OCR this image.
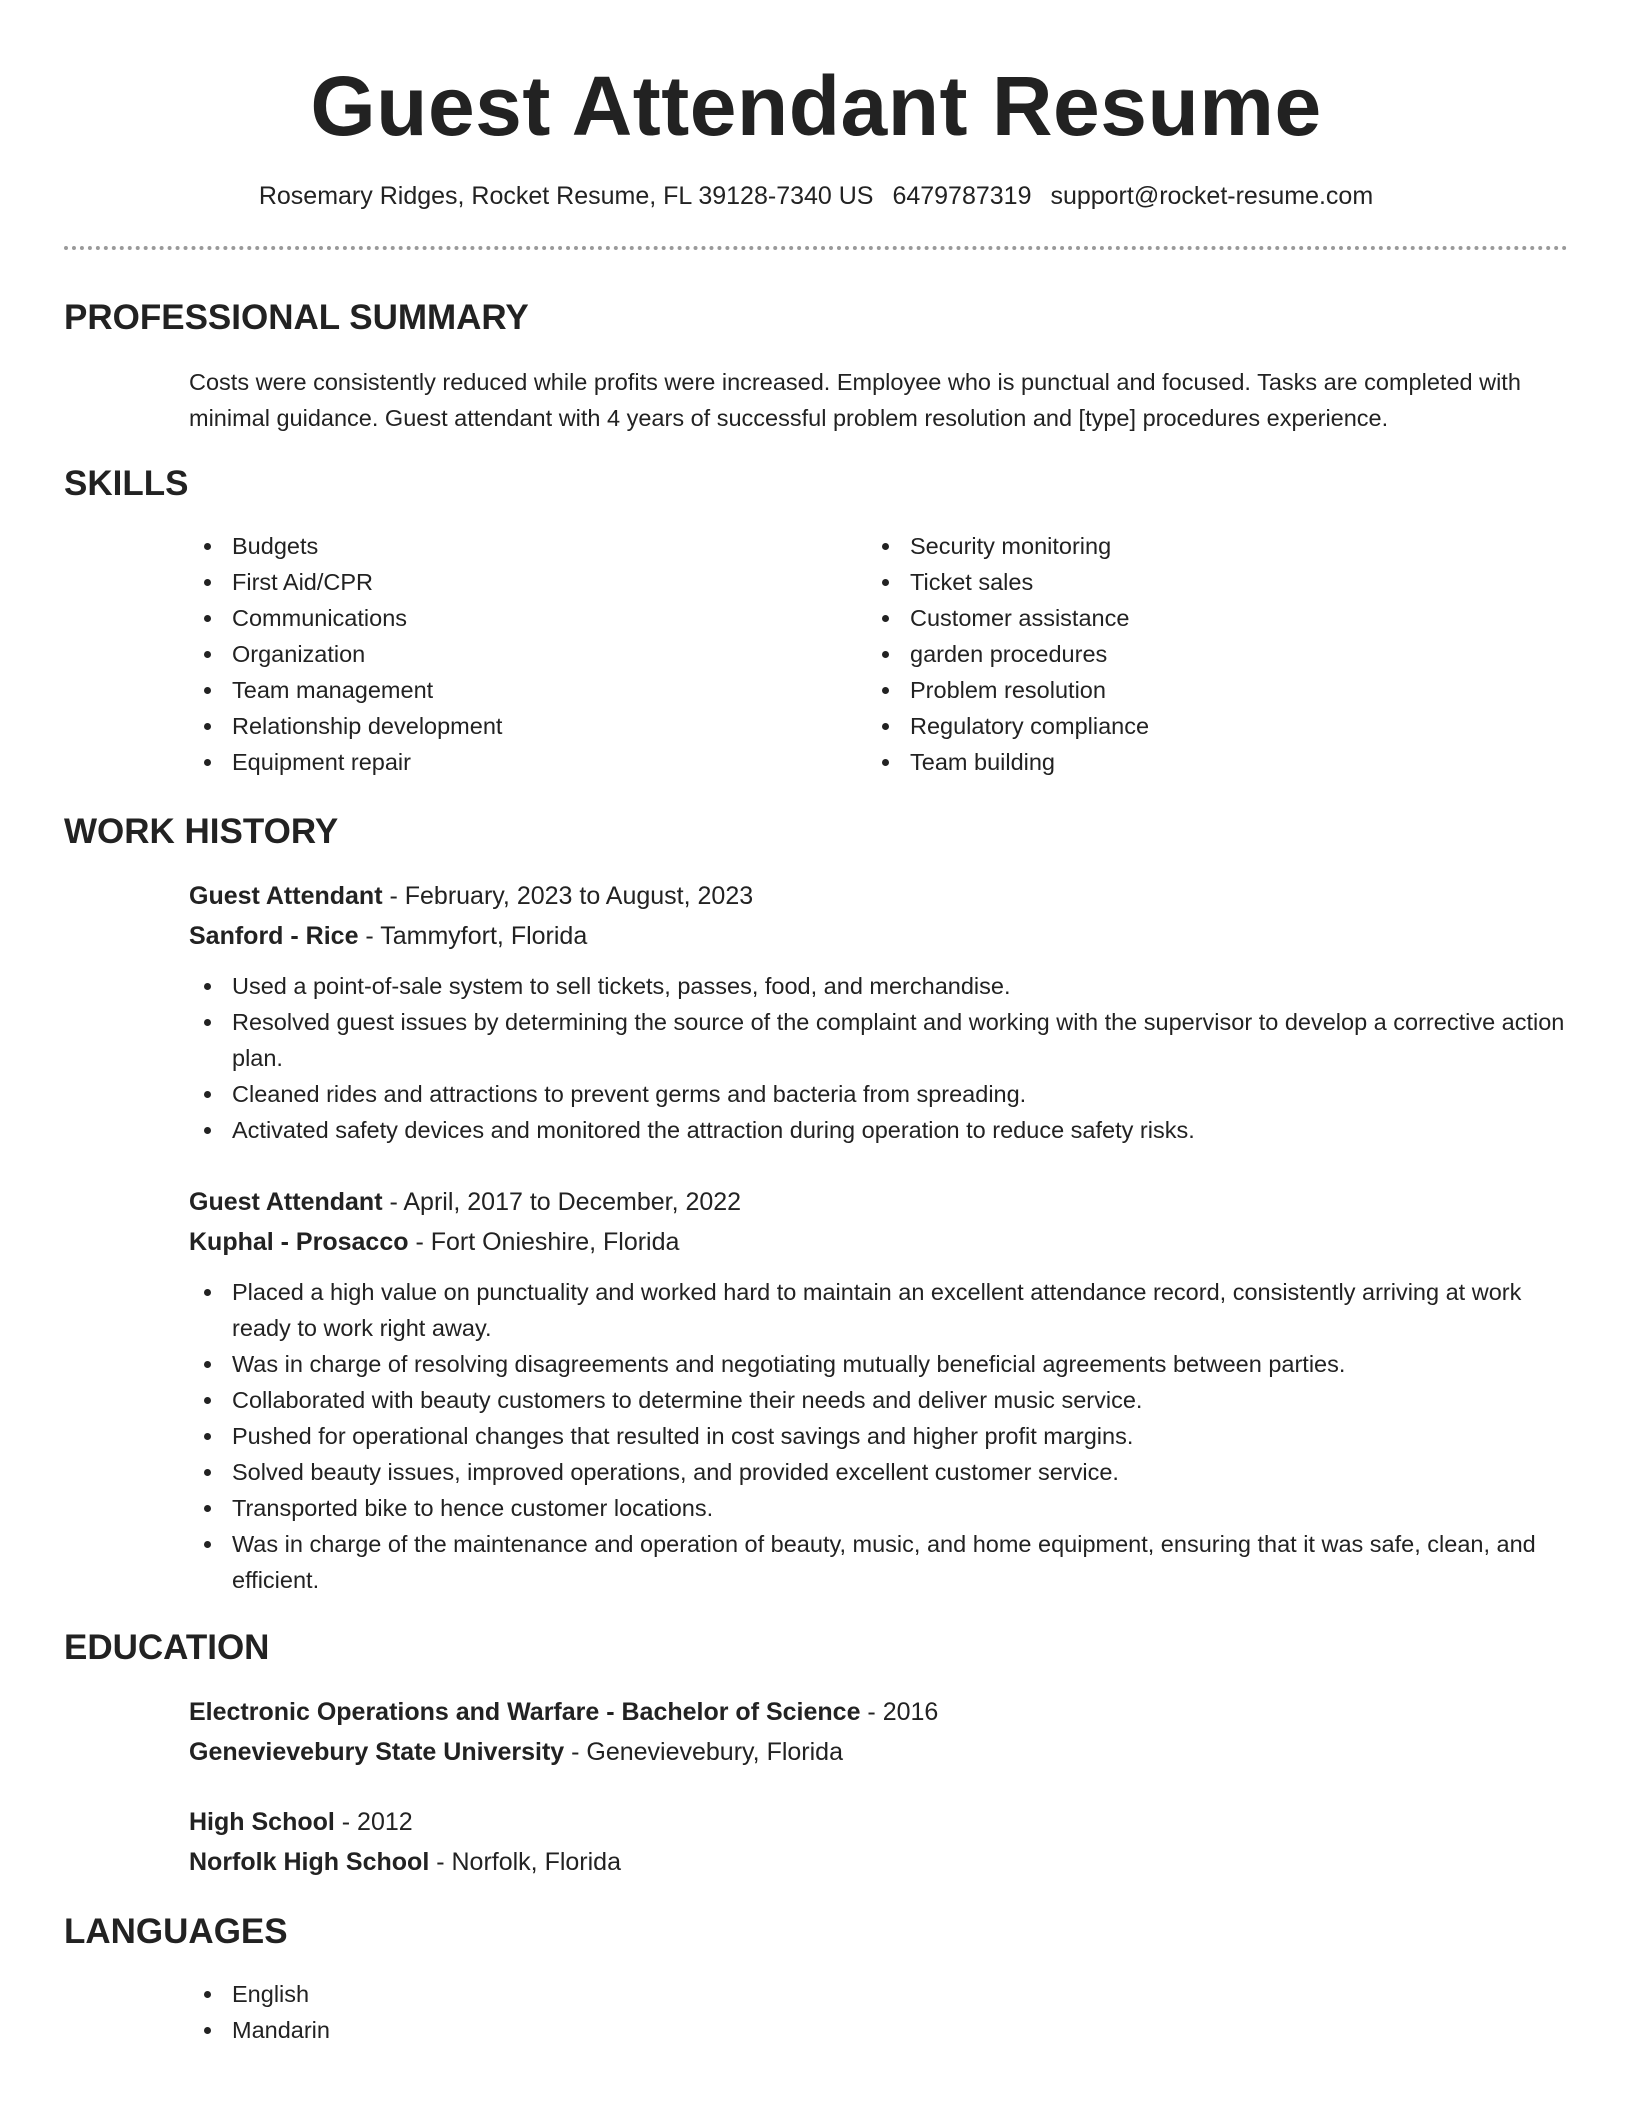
Guest Attendant Resume
Rosemary Ridges, Rocket Resume, FL 39128-7340 US 6479787319 support@rocket-resume.com
PROFESSIONAL SUMMARY

Costs were consistently reduced while profits were increased. Employee who is punctual and focused. Tasks are completed with minimal guidance. Guest attendant with 4 years of successful problem resolution and [type] procedures experience.

SKILLS
Budgets
First Aid/CPR
Communications
Organization
Team management
Relationship development
Equipment repair
Security monitoring
Ticket sales
Customer assistance
garden procedures
Problem resolution
Regulatory compliance
Team building
WORK HISTORY
Guest Attendant - February, 2023 to August, 2023
Sanford - Rice - Tammyfort, Florida
Used a point-of-sale system to sell tickets, passes, food, and merchandise.
Resolved guest issues by determining the source of the complaint and working with the supervisor to develop a corrective action plan.
Cleaned rides and attractions to prevent germs and bacteria from spreading.
Activated safety devices and monitored the attraction during operation to reduce safety risks.
Guest Attendant - April, 2017 to December, 2022
Kuphal - Prosacco - Fort Onieshire, Florida
Placed a high value on punctuality and worked hard to maintain an excellent attendance record, consistently arriving at work ready to work right away.
Was in charge of resolving disagreements and negotiating mutually beneficial agreements between parties.
Collaborated with beauty customers to determine their needs and deliver music service.
Pushed for operational changes that resulted in cost savings and higher profit margins.
Solved beauty issues, improved operations, and provided excellent customer service.
Transported bike to hence customer locations.
Was in charge of the maintenance and operation of beauty, music, and home equipment, ensuring that it was safe, clean, and efficient.
EDUCATION
Electronic Operations and Warfare - Bachelor of Science - 2016
Genevievebury State University - Genevievebury, Florida
High School - 2012
Norfolk High School - Norfolk, Florida
LANGUAGES
English
Mandarin
